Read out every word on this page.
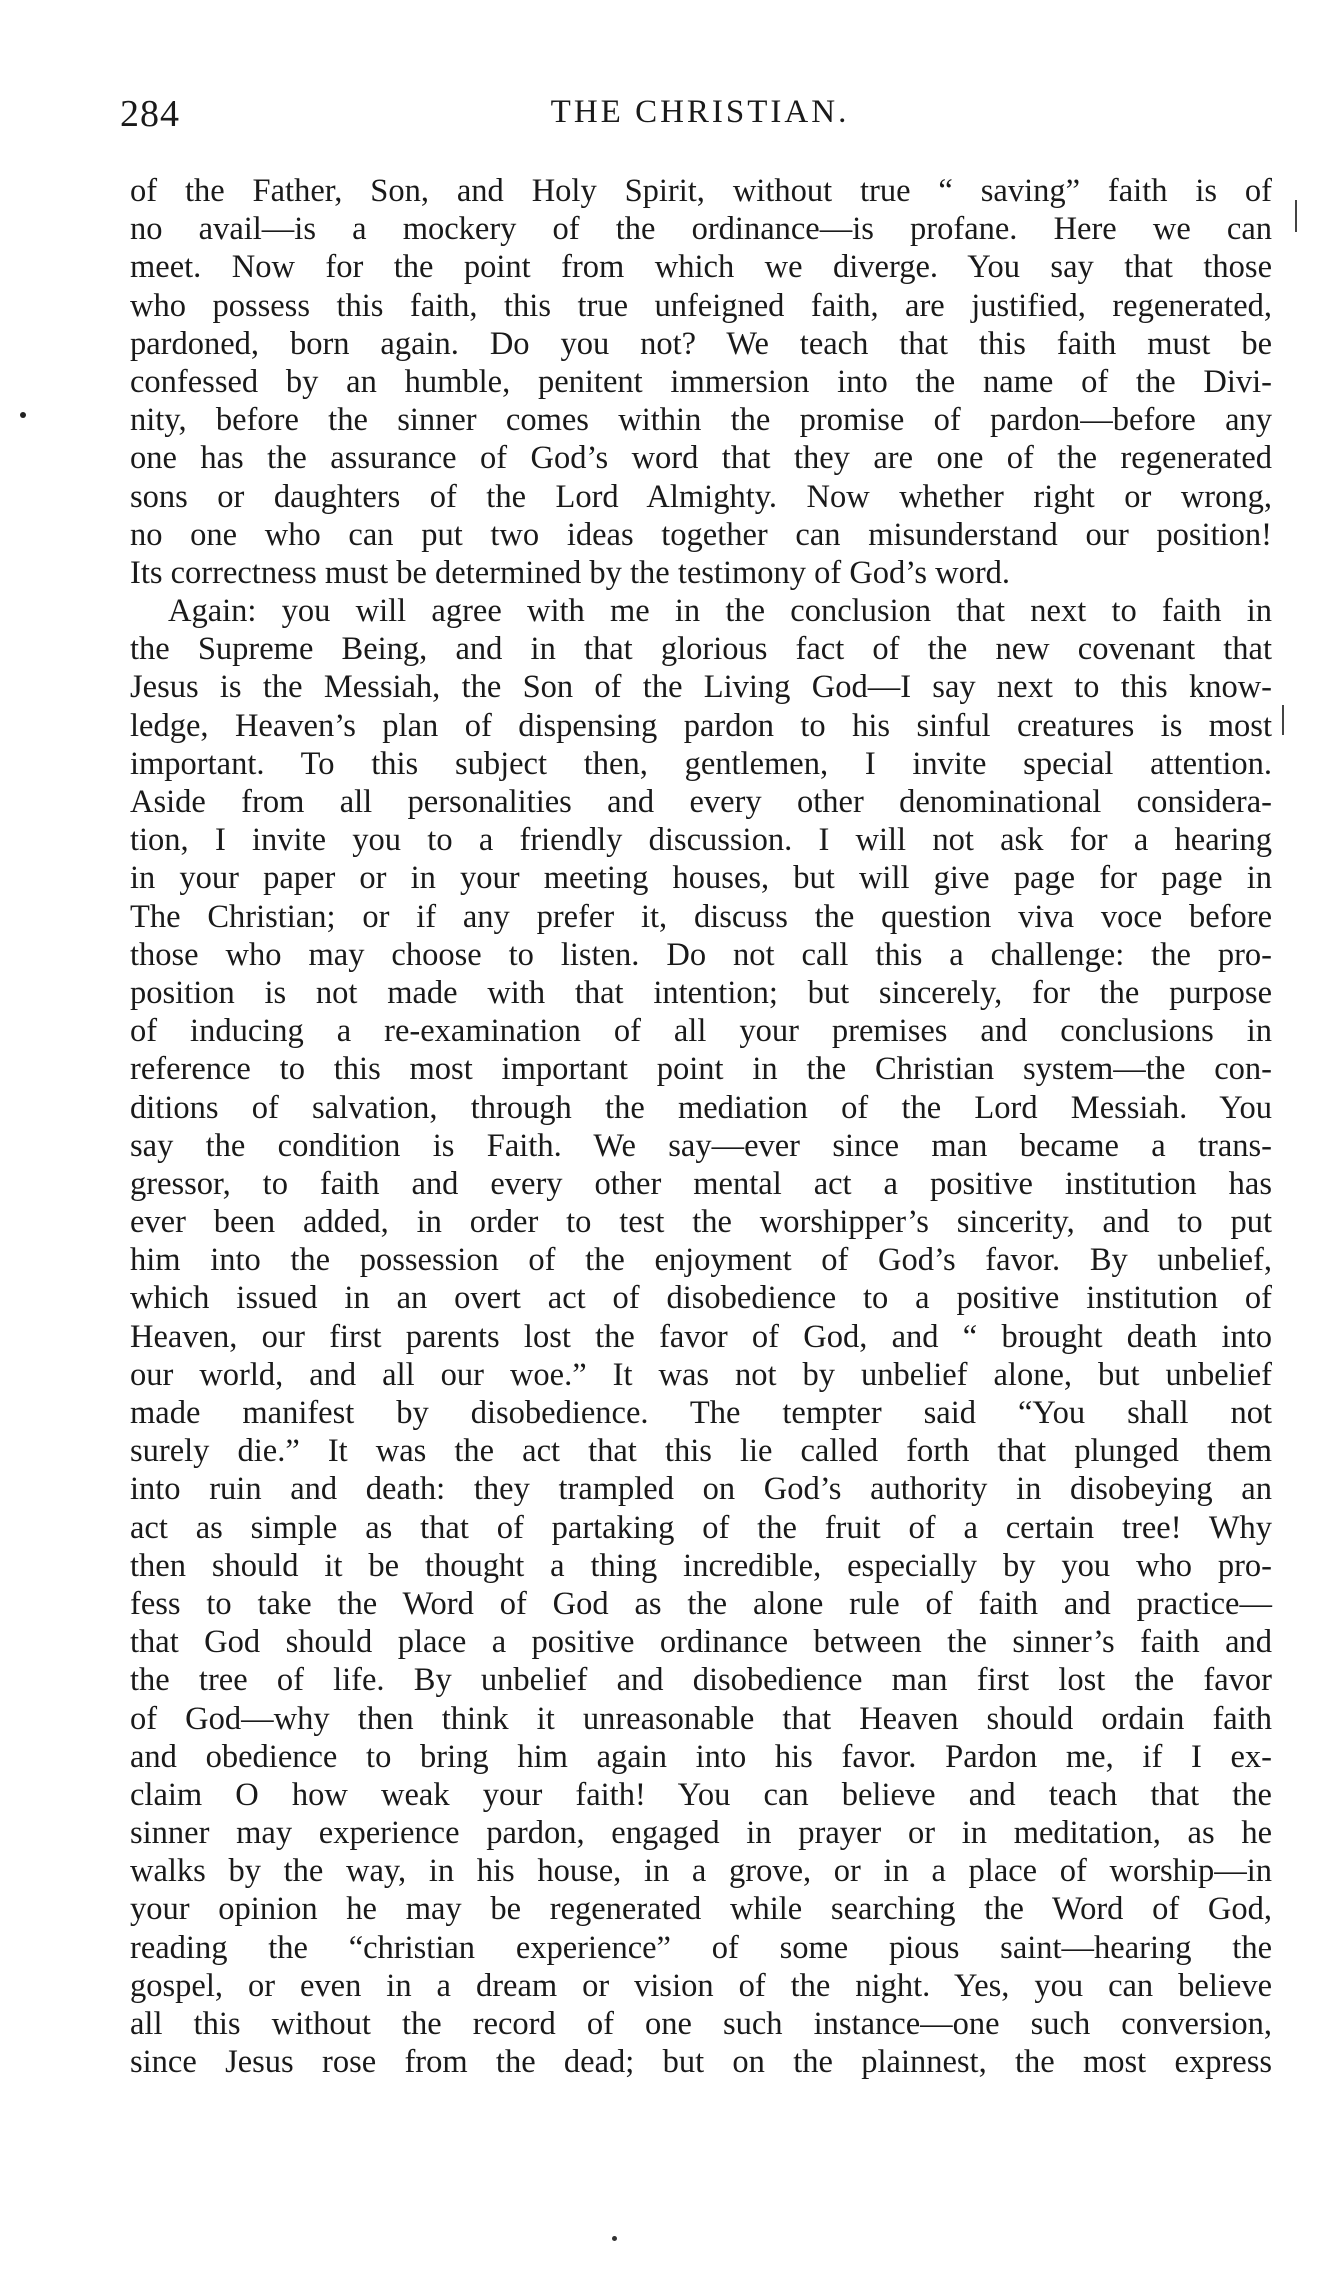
284	THE CHRISTIAN.
of the Father, Son, and Holy Spirit, without true “ saving” faith is of
no avail—is a mockery of the ordinance—is profane. Here we can
meet. Now for the point from which we diverge. You say that those
who possess this faith, this true unfeigned faith, are justified, regenerated,
pardoned, born again. Do you not? We teach that this faith must be
confessed by an humble, penitent immersion into the name of the Divi-
nity, before the sinner comes within the promise of pardon—before any
one has the assurance of God’s word that they are one of the regenerated
sons or daughters of the Lord Almighty. Now whether right or wrong,
no one who can put two ideas together can misunderstand our position!
Its correctness must be determined by the testimony of God’s word.
Again: you will agree with me in the conclusion that next to faith in
the Supreme Being, and in that glorious fact of the new covenant that
Jesus is the Messiah, the Son of the Living God—I say next to this know-
ledge, Heaven’s plan of dispensing pardon to his sinful creatures is most
important. To this subject then, gentlemen, I invite special attention.
Aside from all personalities and every other denominational considera-
tion, I invite you to a friendly discussion. I will not ask for a hearing
in your paper or in your meeting houses, but will give page for page in
The Christian; or if any prefer it, discuss the question viva voce before
those who may choose to listen. Do not call this a challenge: the pro-
position is not made with that intention; but sincerely, for the purpose
of inducing a re-examination of all your premises and conclusions in
reference to this most important point in the Christian system—the con-
ditions of salvation, through the mediation of the Lord Messiah. You
say the condition is Faith. We say—ever since man became a trans-
gressor, to faith and every other mental act a positive institution has
ever been added, in order to test the worshipper’s sincerity, and to put
him into the possession of the enjoyment of God’s favor. By unbelief,
which issued in an overt act of disobedience to a positive institution of
Heaven, our first parents lost the favor of God, and “ brought death into
our world, and all our woe.” It was not by unbelief alone, but unbelief
made manifest by disobedience. The tempter said “You shall not
surely die.” It was the act that this lie called forth that plunged them
into ruin and death: they trampled on God’s authority in disobeying an
act as simple as that of partaking of the fruit of a certain tree! Why
then should it be thought a thing incredible, especially by you who pro-
fess to take the Word of God as the alone rule of faith and practice—
that God should place a positive ordinance between the sinner’s faith and
the tree of life. By unbelief and disobedience man first lost the favor
of God—why then think it unreasonable that Heaven should ordain faith
and obedience to bring him again into his favor. Pardon me, if I ex-
claim O how weak your faith! You can believe and teach that the
sinner may experience pardon, engaged in prayer or in meditation, as he
walks by the way, in his house, in a grove, or in a place of worship—in
your opinion he may be regenerated while searching the Word of God,
reading the “christian experience” of some pious saint—hearing the
gospel, or even in a dream or vision of the night. Yes, you can believe
all this without the record of one such instance—one such conversion,
since Jesus rose from the dead; but on the plainnest, the most express
